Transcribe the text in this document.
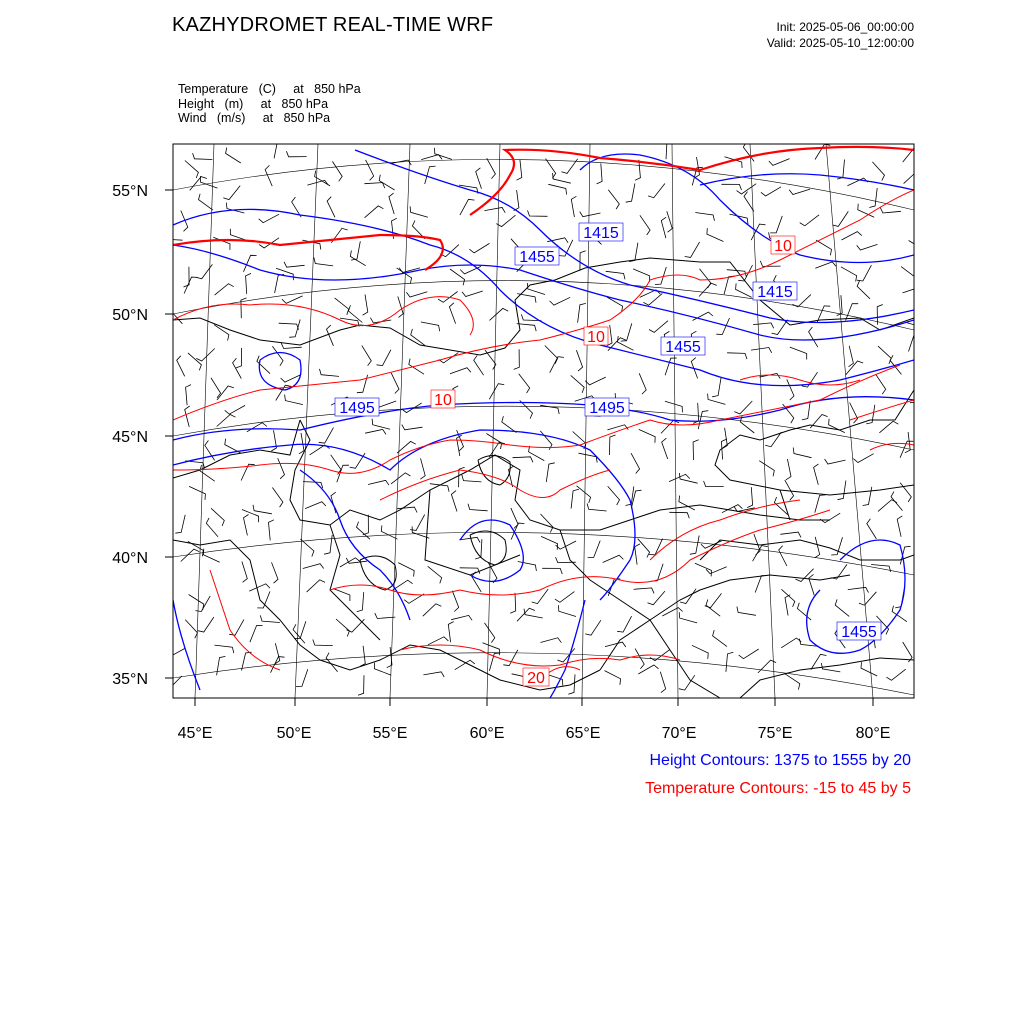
KAZHYDROMET REAL-TIME WRF	Init: 2025-05-06_00:00:00
Valid: 2025-05-10_12:00:00
Temperature   (C)     at   850 hPa
Height   (m)     at   850 hPa
Wind   (m/s)     at   850 hPa
55°N
50°N
45°N
40°N
35°N
45°E	50°E	55°E	60°E	65°E	70°E	75°E	80°E
1415
1455
1415
1455
1495	1495
1455
10
10
10
20
Height Contours: 1375 to 1555 by 20
Temperature Contours: -15 to 45 by 5
